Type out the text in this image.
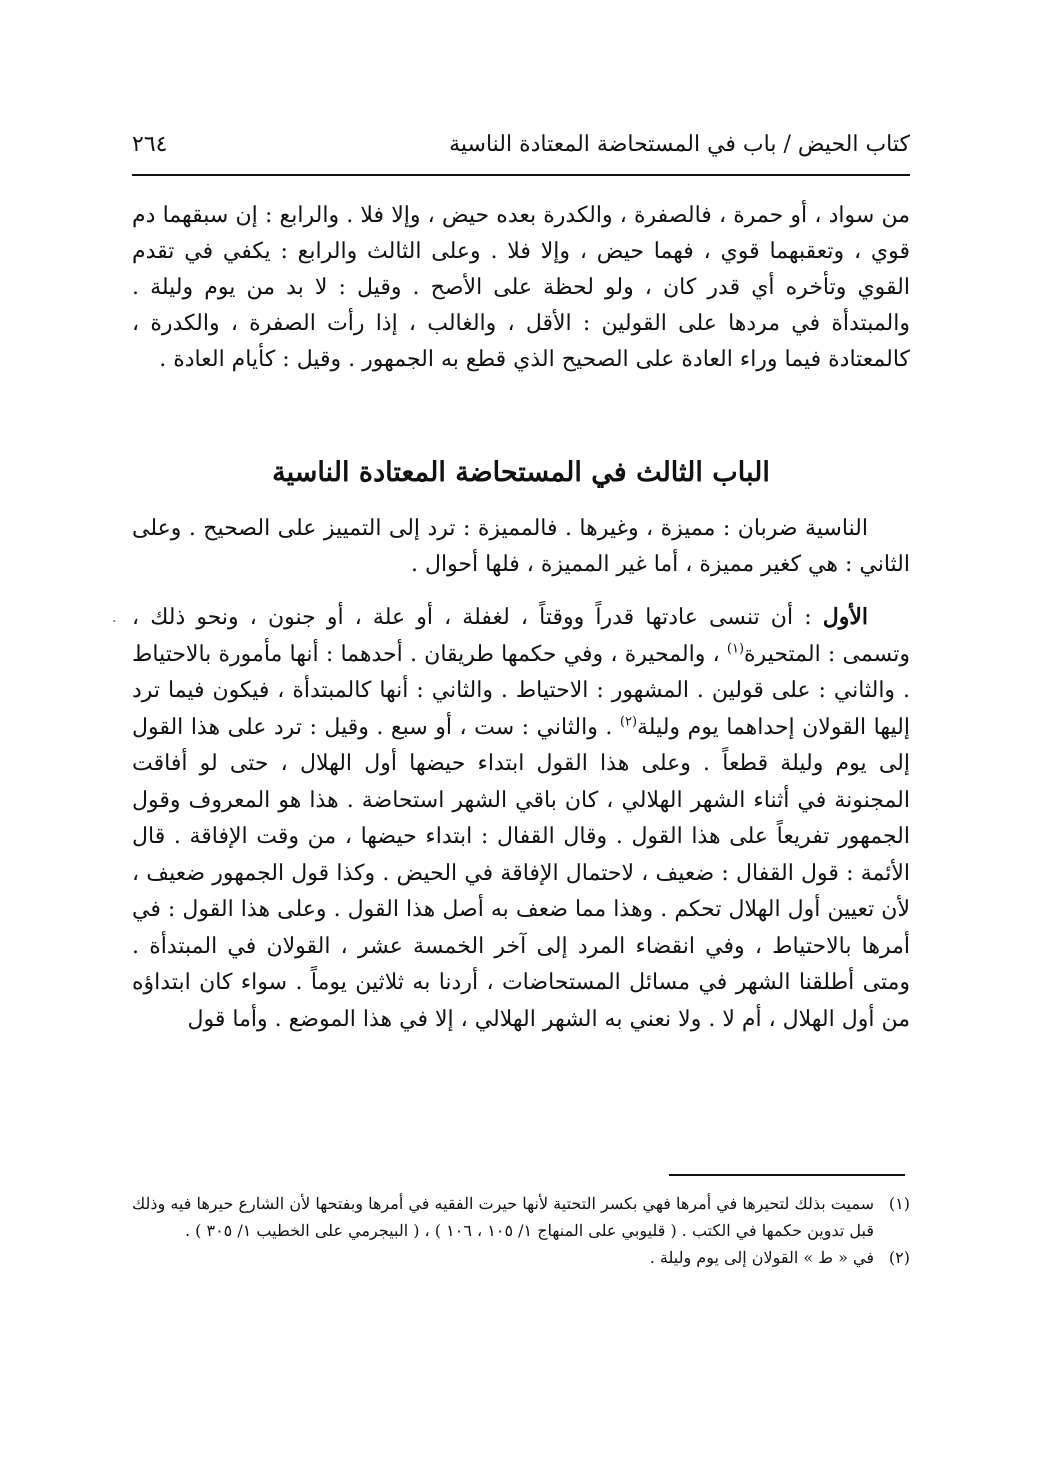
كتاب الحيض / باب في المستحاضة المعتادة الناسية
٢٦٤

من سواد ، أو حمرة ، فالصفرة ، والكدرة بعده حيض ، وإلا فلا . والرابع : إن سبقهما دم قوي ، وتعقبهما قوي ، فهما حيض ، وإلا فلا . وعلى الثالث والرابع : يكفي في تقدم القوي وتأخره أي قدر كان ، ولو لحظة على الأصح . وقيل : لا بد من يوم وليلة . والمبتدأة في مردها على القولين : الأقل ، والغالب ، إذا رأت الصفرة ، والكدرة ، كالمعتادة فيما وراء العادة على الصحيح الذي قطع به الجمهور . وقيل : كأيام العادة .

الباب الثالث في المستحاضة المعتادة الناسية

الناسية ضربان : مميزة ، وغيرها . فالمميزة : ترد إلى التمييز على الصحيح . وعلى الثاني : هي كغير مميزة ، أما غير المميزة ، فلها أحوال .

الأول : أن تنسى عادتها قدراً ووقتاً ، لغفلة ، أو علة ، أو جنون ، ونحو ذلك ، وتسمى : المتحيرة$^{(١)}$ ، والمحيرة ، وفي حكمها طريقان . أحدهما : أنها مأمورة بالاحتياط . والثاني : على قولين . المشهور : الاحتياط . والثاني : أنها كالمبتدأة ، فيكون فيما ترد إليها القولان إحداهما يوم وليلة$^{(٢)}$ . والثاني : ست ، أو سبع . وقيل : ترد على هذا القول إلى يوم وليلة قطعاً . وعلى هذا القول ابتداء حيضها أول الهلال ، حتى لو أفاقت المجنونة في أثناء الشهر الهلالي ، كان باقي الشهر استحاضة . هذا هو المعروف وقول الجمهور تفريعاً على هذا القول . وقال القفال : ابتداء حيضها ، من وقت الإفاقة . قال الأئمة : قول القفال : ضعيف ، لاحتمال الإفاقة في الحيض . وكذا قول الجمهور ضعيف ، لأن تعيين أول الهلال تحكم . وهذا مما ضعف به أصل هذا القول . وعلى هذا القول : في أمرها بالاحتياط ، وفي انقضاء المرد إلى آخر الخمسة عشر ، القولان في المبتدأة . ومتى أطلقنا الشهر في مسائل المستحاضات ، أردنا به ثلاثين يوماً . سواء كان ابتداؤه من أول الهلال ، أم لا . ولا نعني به الشهر الهلالي ، إلا في هذا الموضع . وأما قول

·
(١)
سميت بذلك لتحيرها في أمرها فهي بكسر التحتية لأنها حيرت الفقيه في أمرها وبفتحها لأن الشارع حيرها فيه وذلك قبل تدوين حكمها في الكتب . ( قليوبي على المنهاج ١/ ١٠٥ ، ١٠٦ ) ، ( البيجرمي على الخطيب ١/ ٣٠٥ ) .
(٢)
في « ط » القولان إلى يوم وليلة .
